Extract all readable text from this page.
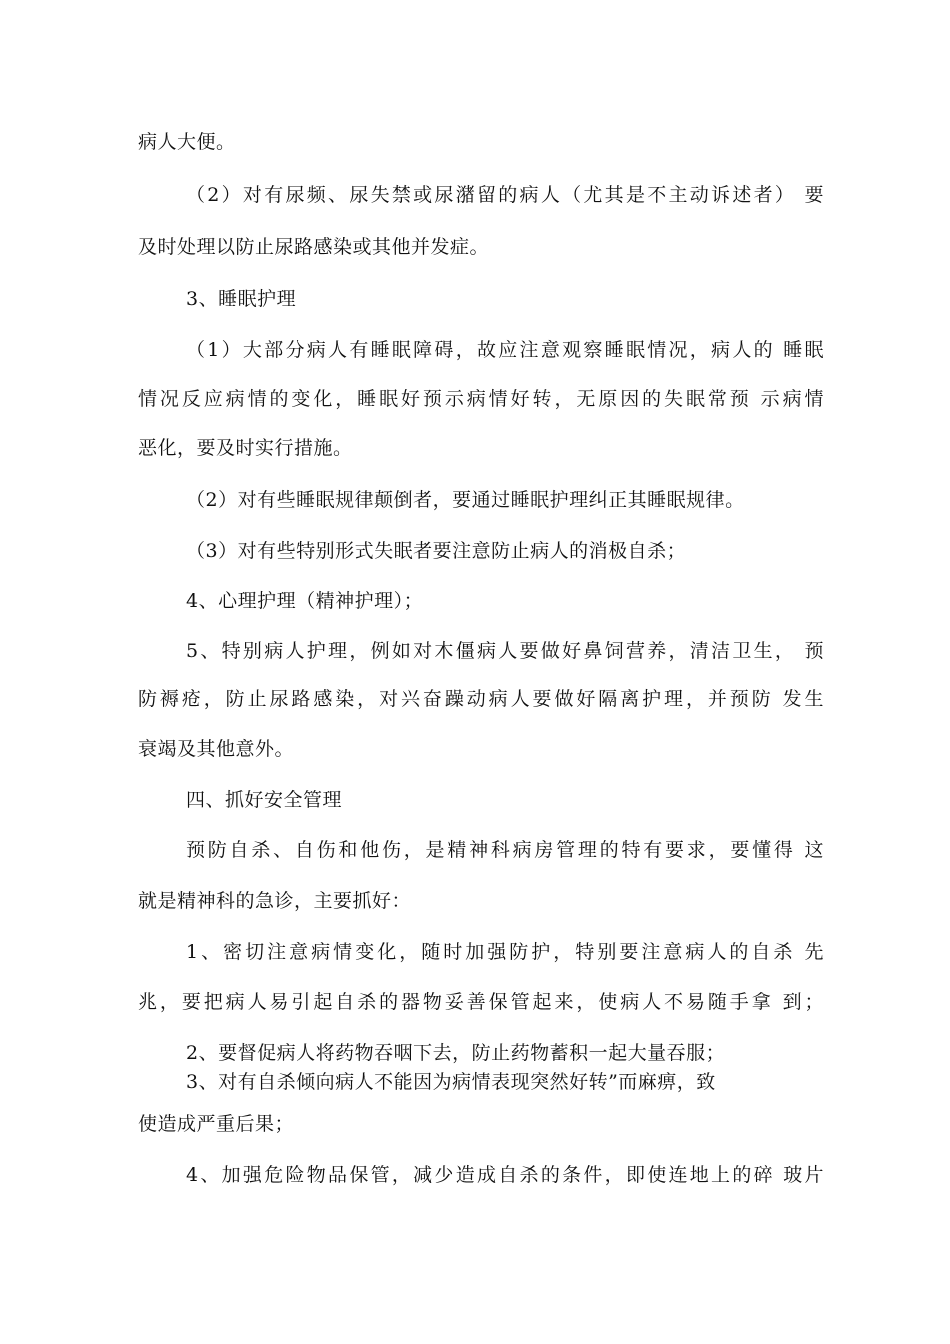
病人大便。
（2）对有尿频、尿失禁或尿潴留的病人（尤其是不主动诉述者） 要
及时处理以防止尿路感染或其他并发症。
3、睡眠护理
（1）大部分病人有睡眠障碍，故应注意观察睡眠情况，病人的 睡眠
情况反应病情的变化，睡眠好预示病情好转，无原因的失眠常预 示病情
恶化，要及时实行措施。
（2）对有些睡眠规律颠倒者，要通过睡眠护理纠正其睡眠规律。
（3）对有些特别形式失眠者要注意防止病人的消极自杀；
4、心理护理（精神护理）；
5、特别病人护理，例如对木僵病人要做好鼻饲营养，清洁卫生， 预
防褥疮，防止尿路感染，对兴奋躁动病人要做好隔离护理，并预防 发生
衰竭及其他意外。
四、抓好安全管理
预防自杀、自伤和他伤，是精神科病房管理的特有要求，要懂得 这
就是精神科的急诊，主要抓好：
1、密切注意病情变化，随时加强防护，特别要注意病人的自杀 先
兆，要把病人易引起自杀的器物妥善保管起来，使病人不易随手拿 到；
2、要督促病人将药物吞咽下去，防止药物蓄积一起大量吞服；
3、对有自杀倾向病人不能因为病情表现突然好转”而麻痹，致
使造成严重后果；
4、加强危险物品保管，减少造成自杀的条件，即使连地上的碎 玻片
